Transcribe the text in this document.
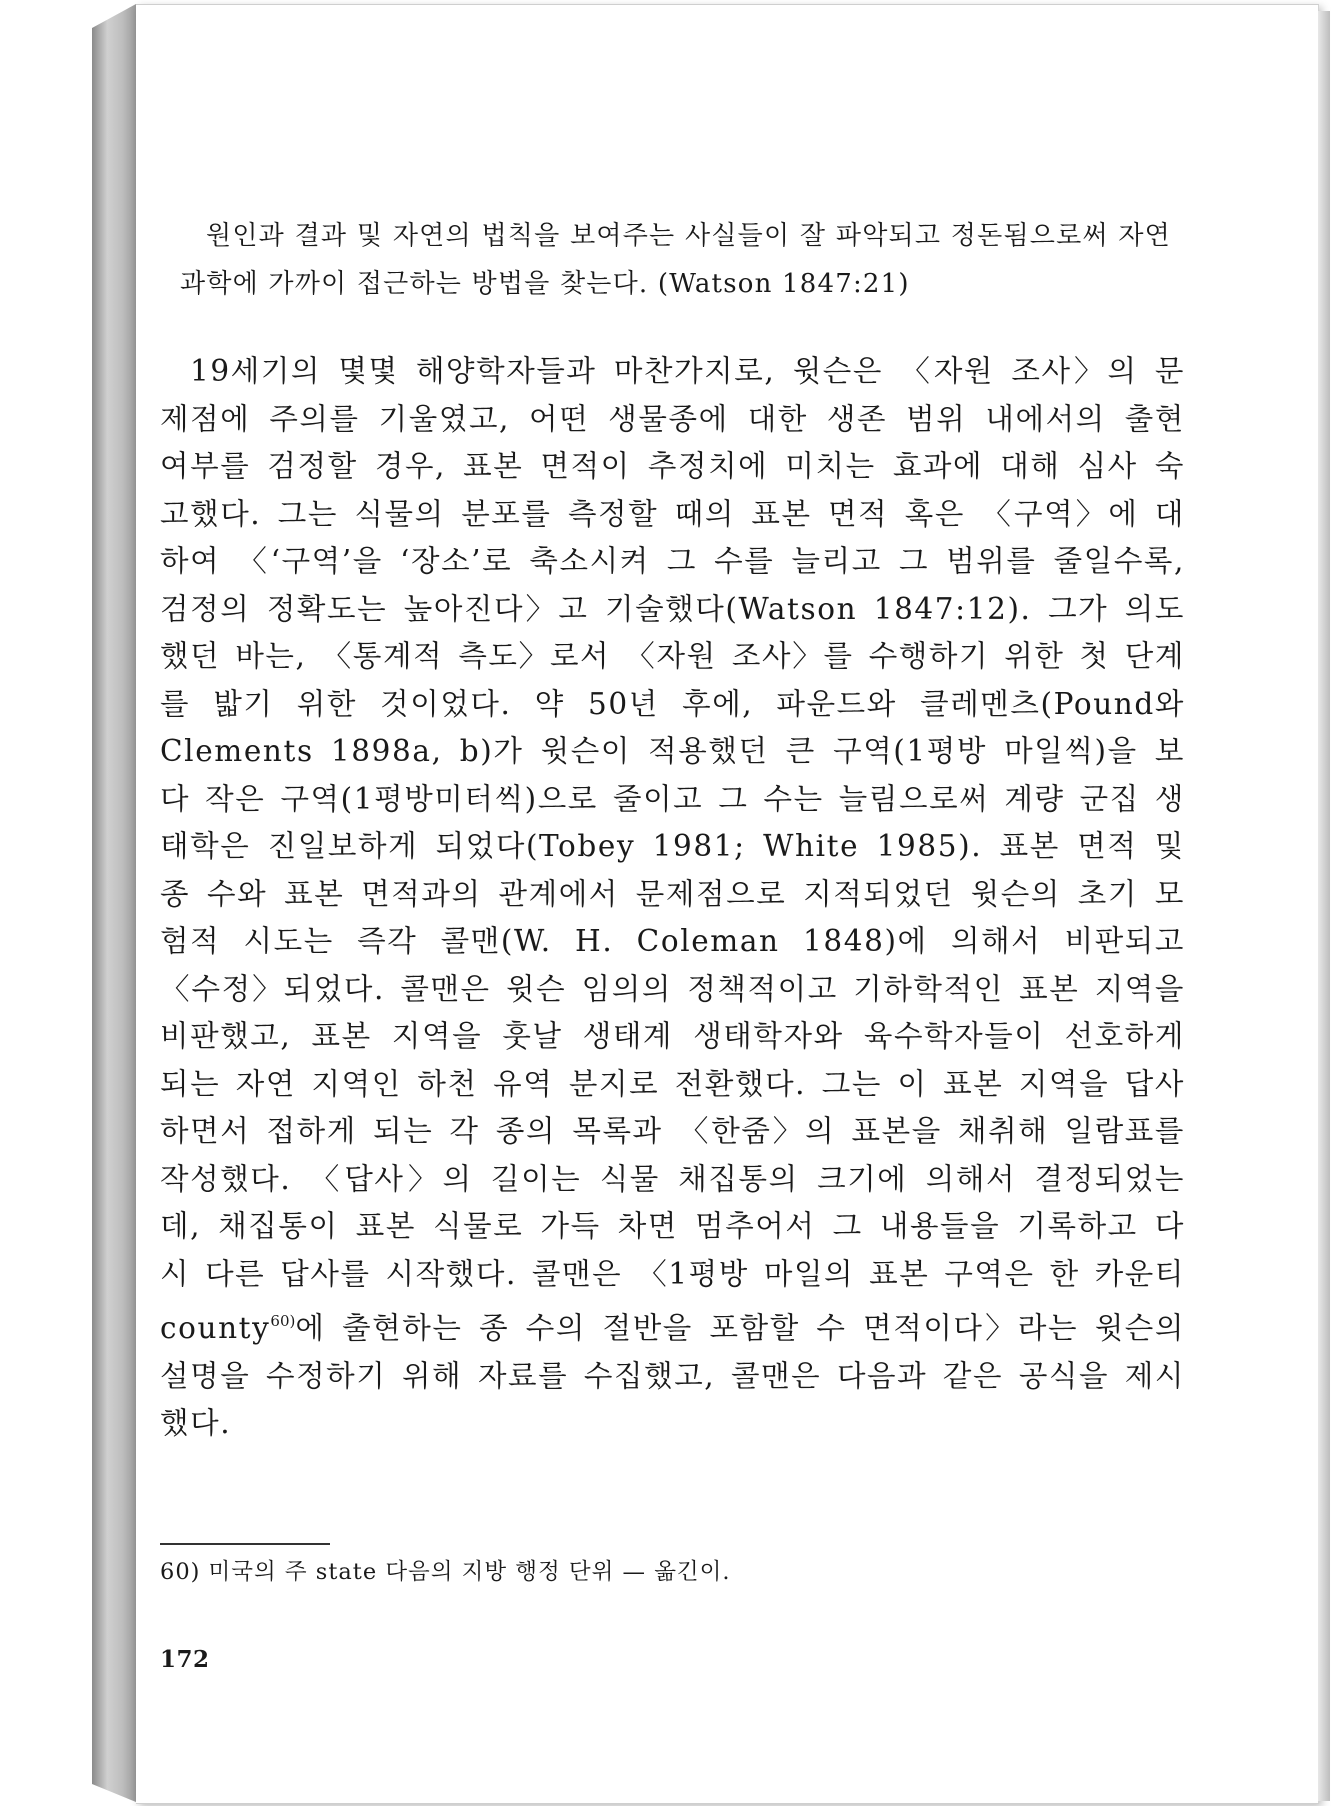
원인과 결과 및 자연의 법칙을 보여주는 사실들이 잘 파악되고 정돈됨으로써 자연 과학에 가까이 접근하는 방법을 찾는다. (Watson 1847:21)

19세기의 몇몇 해양학자들과 마찬가지로, 윗슨은 〈자원 조사〉의 문제점에 주의를 기울였고, 어떤 생물종에 대한 생존 범위 내에서의 출현 여부를 검정할 경우, 표본 면적이 추정치에 미치는 효과에 대해 심사 숙고했다. 그는 식물의 분포를 측정할 때의 표본 면적 혹은 〈구역〉에 대하여 〈‘구역’을 ‘장소’로 축소시켜 그 수를 늘리고 그 범위를 줄일수록, 검정의 정확도는 높아진다〉고 기술했다(Watson 1847:12). 그가 의도했던 바는, 〈통계적 측도〉로서 〈자원 조사〉를 수행하기 위한 첫 단계를 밟기 위한 것이었다. 약 50년 후에, 파운드와 클레멘츠(Pound와 Clements 1898a, b)가 윗슨이 적용했던 큰 구역(1평방 마일씩)을 보다 작은 구역(1평방미터씩)으로 줄이고 그 수는 늘림으로써 계량 군집 생태학은 진일보하게 되었다(Tobey 1981; White 1985). 표본 면적 및 종 수와 표본 면적과의 관계에서 문제점으로 지적되었던 윗슨의 초기 모험적 시도는 즉각 콜맨(W. H. Coleman 1848)에 의해서 비판되고 〈수정〉되었다. 콜맨은 윗슨 임의의 정책적이고 기하학적인 표본 지역을 비판했고, 표본 지역을 훗날 생태계 생태학자와 육수학자들이 선호하게 되는 자연 지역인 하천 유역 분지로 전환했다. 그는 이 표본 지역을 답사하면서 접하게 되는 각 종의 목록과 〈한줌〉의 표본을 채취해 일람표를 작성했다. 〈답사〉의 길이는 식물 채집통의 크기에 의해서 결정되었는데, 채집통이 표본 식물로 가득 차면 멈추어서 그 내용들을 기록하고 다시 다른 답사를 시작했다. 콜맨은 〈1평방 마일의 표본 구역은 한 카운티 county$^{60)}$에 출현하는 종 수의 절반을 포함할 수 면적이다〉라는 윗슨의 설명을 수정하기 위해 자료를 수집했고, 콜맨은 다음과 같은 공식을 제시했다.

60) 미국의 주 state 다음의 지방 행정 단위 — 옮긴이.
172
